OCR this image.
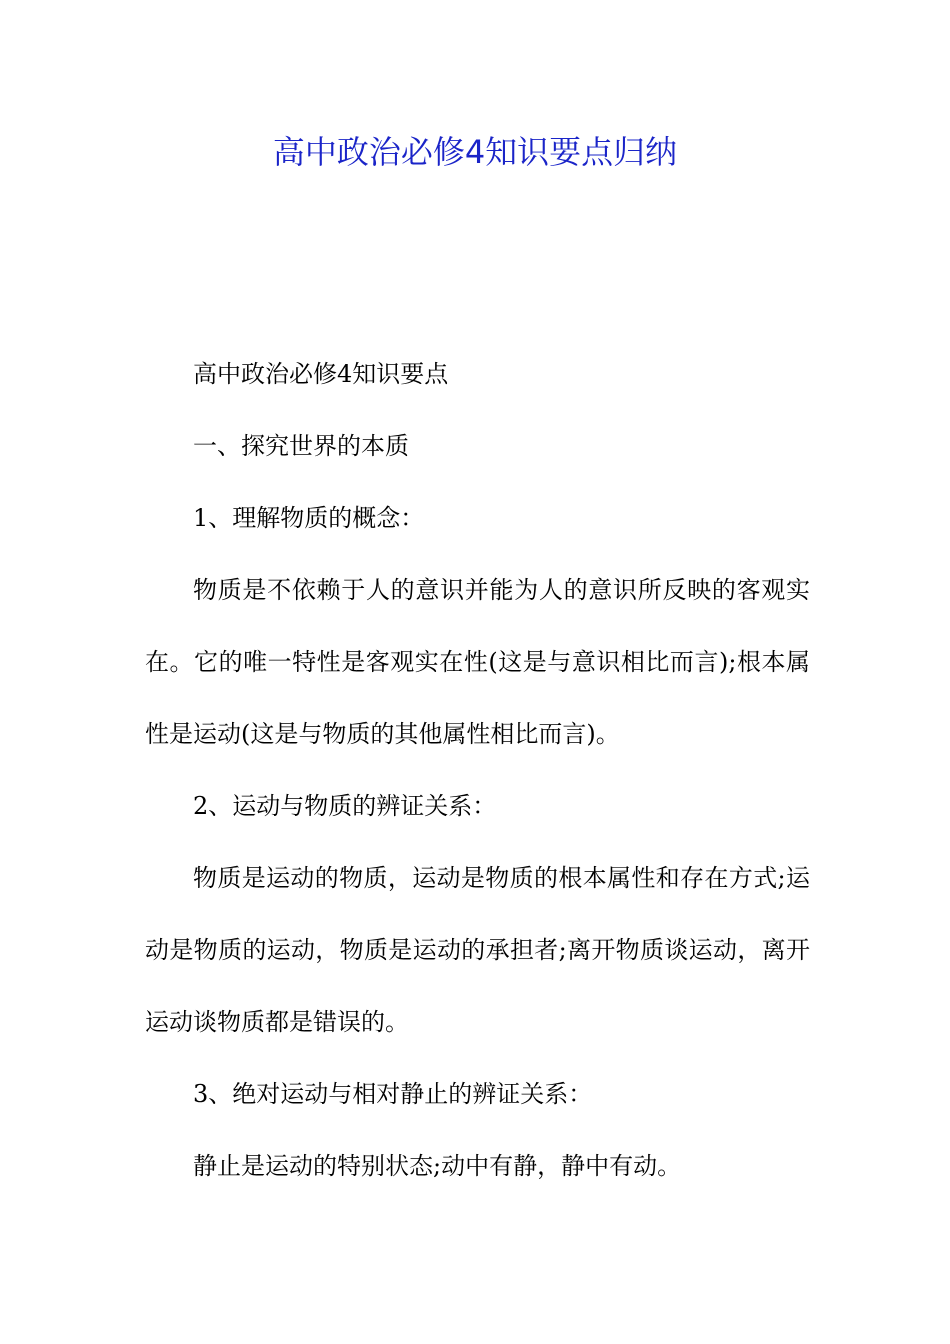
高中政治必修4知识要点归纳

高中政治必修4知识要点

一、探究世界的本质

1、理解物质的概念：

物质是不依赖于人的意识并能为人的意识所反映的客观实在。它的唯一特性是客观实在性(这是与意识相比而言);根本属性是运动(这是与物质的其他属性相比而言)。

2、运动与物质的辨证关系：

物质是运动的物质，运动是物质的根本属性和存在方式;运动是物质的运动，物质是运动的承担者;离开物质谈运动，离开运动谈物质都是错误的。

3、绝对运动与相对静止的辨证关系：

静止是运动的特别状态;动中有静，静中有动。
